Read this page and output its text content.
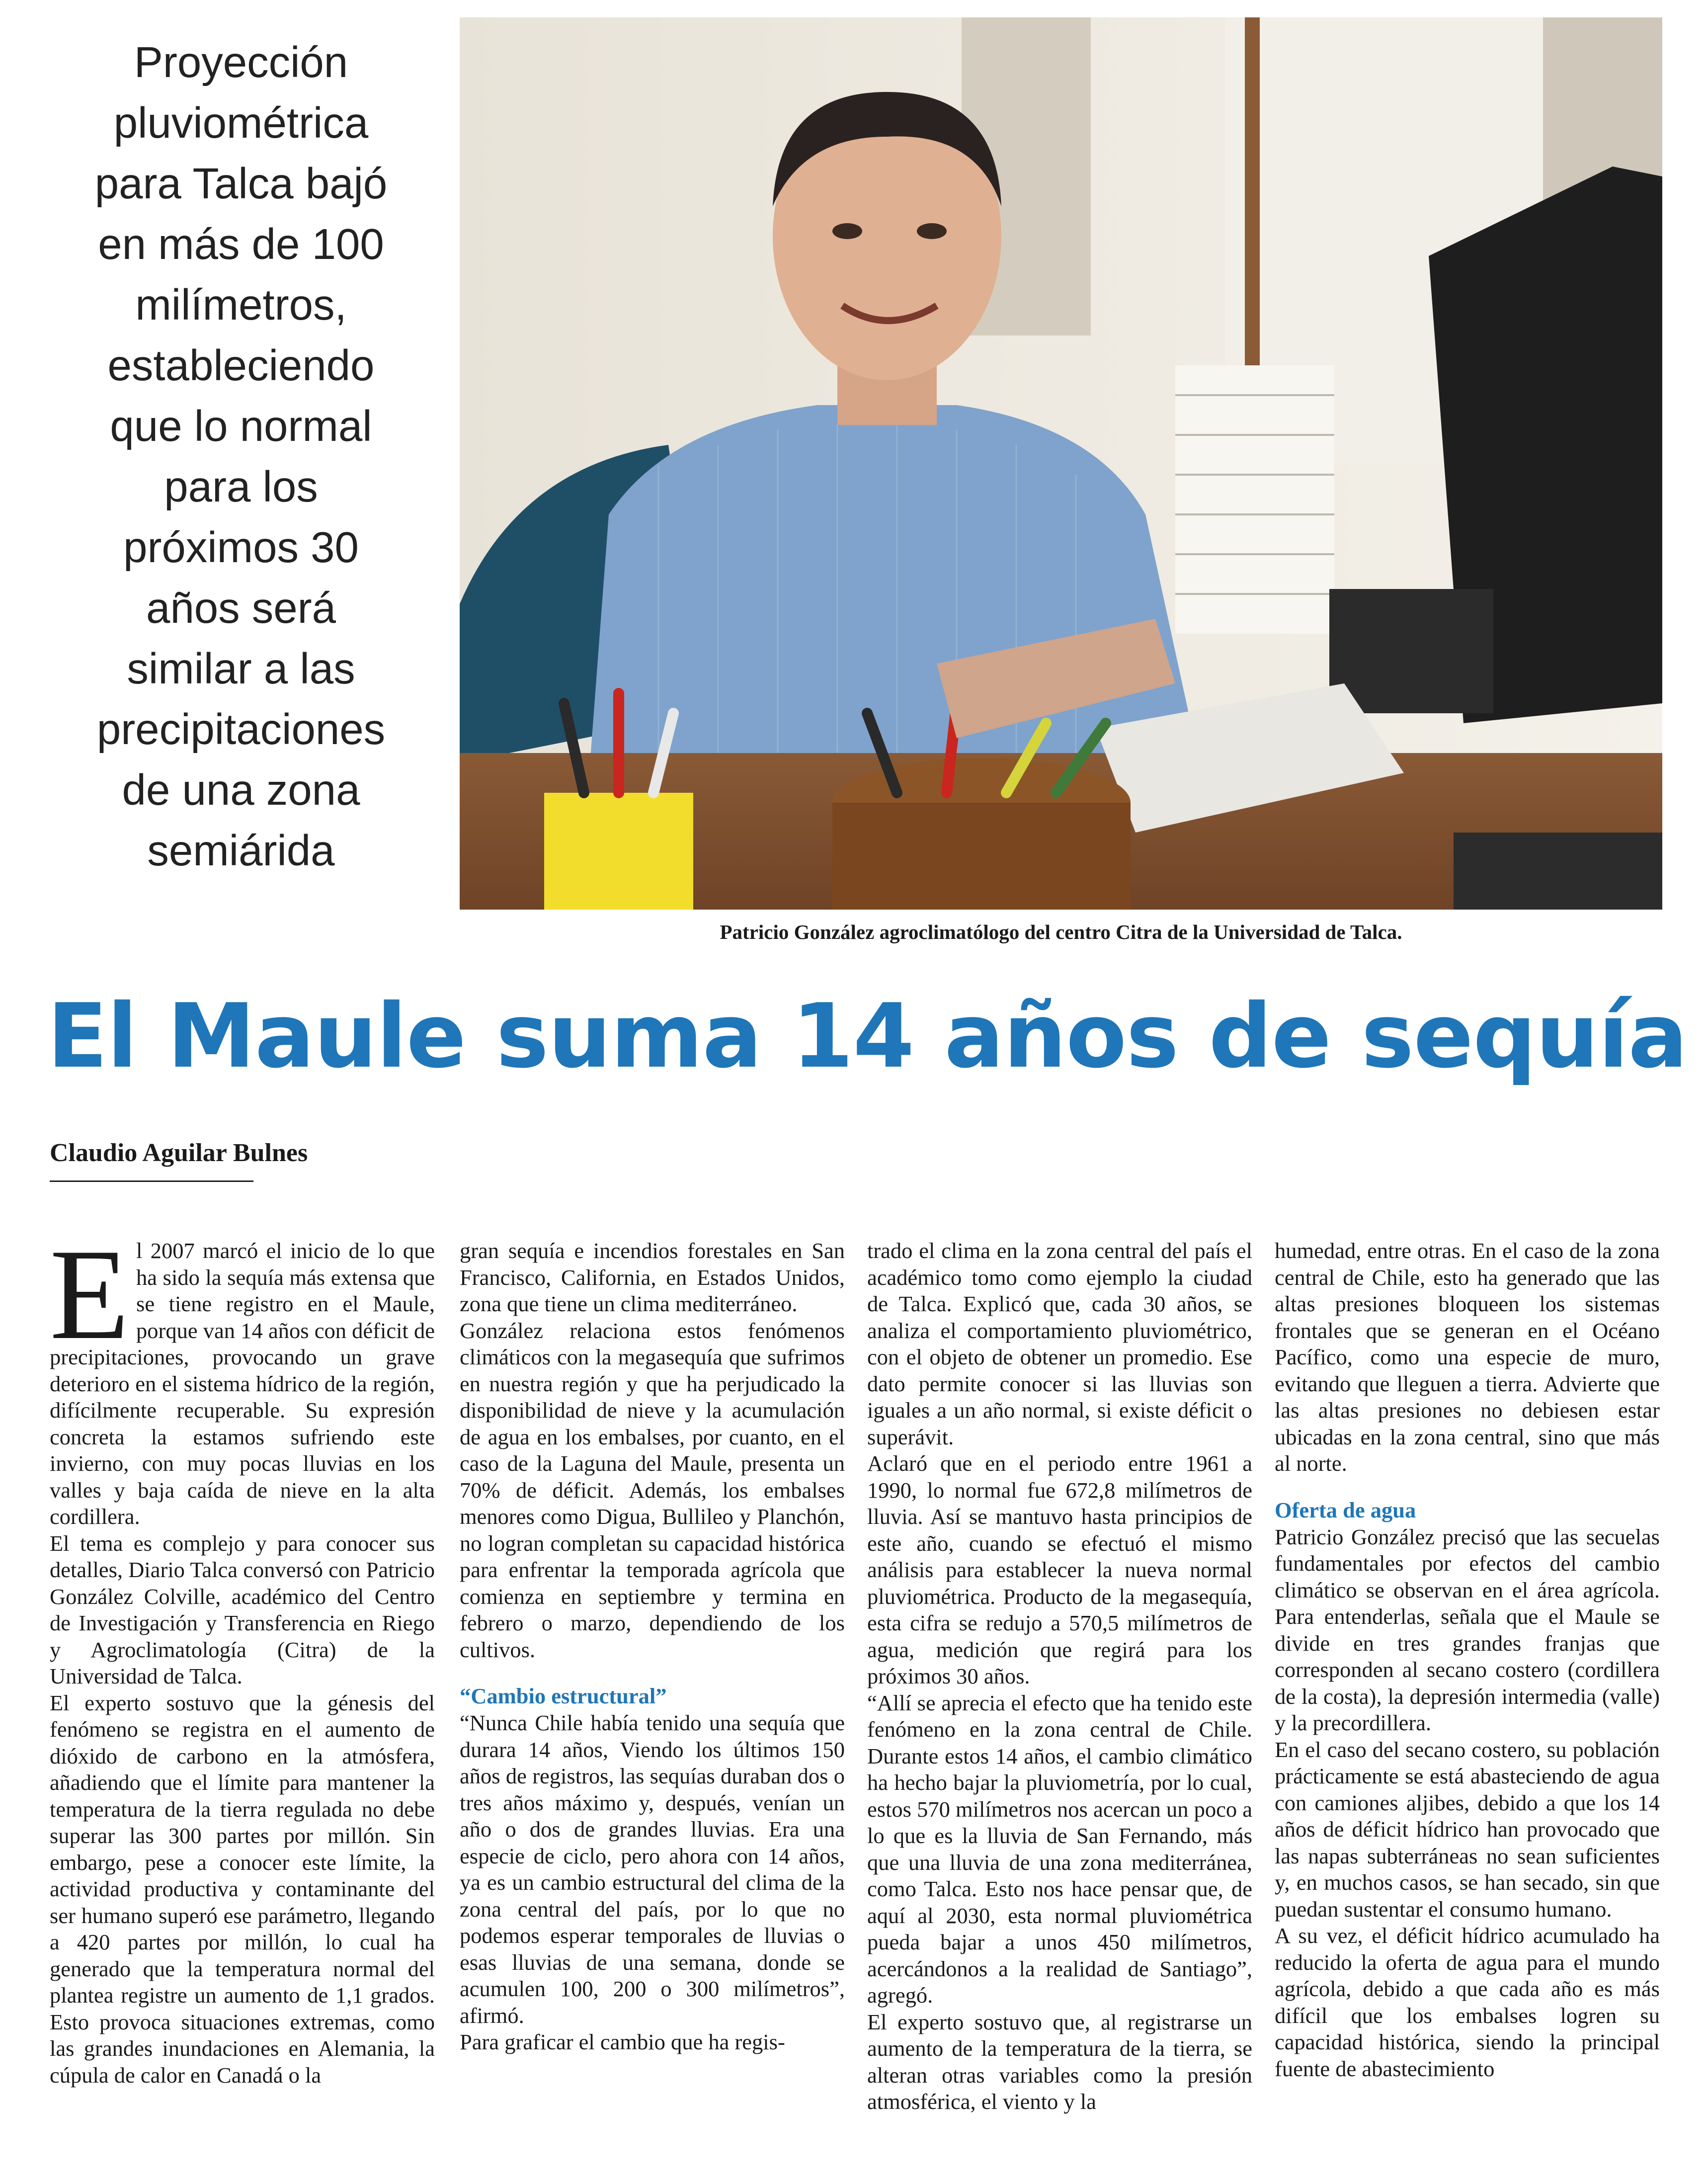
Proyección
pluviométrica
para Talca bajó
en más de 100
milímetros,
estableciendo
que lo normal
para los
próximos 30
años será
similar a las
precipitaciones
de una zona
semiárida
Patricio González agroclimatólogo del centro Citra de la Universidad de Talca.
El Maule suma 14 años de sequía
Claudio Aguilar Bulnes
E l 2007 marcó el inicio de lo que ha sido la sequía más extensa que se tiene registro en el Maule, porque van 14 años con déficit de precipitaciones, provocando un grave deterioro en el sistema hídrico de la región, difícilmente recuperable. Su expresión concreta la estamos sufriendo este invierno, con muy pocas lluvias en los valles y baja caída de nieve en la alta cordillera.

El tema es complejo y para conocer sus detalles, Diario Talca conversó con Patricio González Colville, académico del Centro de Investigación y Transferencia en Riego y Agroclimatología (Citra) de la Universidad de Talca.

El experto sostuvo que la génesis del fenómeno se registra en el aumento de dióxido de carbono en la atmósfera, añadiendo que el límite para mantener la temperatura de la tierra regulada no debe superar las 300 partes por millón. Sin embargo, pese a conocer este límite, la actividad productiva y contaminante del ser humano superó ese parámetro, llegando a 420 partes por millón, lo cual ha generado que la temperatura normal del plantea registre un aumento de 1,1 grados. Esto provoca situaciones extremas, como las grandes inundaciones en Alemania, la cúpula de calor en Canadá o la

gran sequía e incendios forestales en San Francisco, California, en Estados Unidos, zona que tiene un clima mediterráneo.

González relaciona estos fenómenos climáticos con la megasequía que sufrimos en nuestra región y que ha perjudicado la disponibilidad de nieve y la acumulación de agua en los embalses, por cuanto, en el caso de la Laguna del Maule, presenta un 70% de déficit. Además, los embalses menores como Digua, Bullileo y Planchón, no logran completan su capacidad histórica para enfrentar la temporada agrícola que comienza en septiembre y termina en febrero o marzo, dependiendo de los cultivos.

“Cambio estructural”

“Nunca Chile había tenido una sequía que durara 14 años, Viendo los últimos 150 años de registros, las sequías duraban dos o tres años máximo y, después, venían un año o dos de grandes lluvias. Era una especie de ciclo, pero ahora con 14 años, ya es un cambio estructural del clima de la zona central del país, por lo que no podemos esperar temporales de lluvias o esas lluvias de una semana, donde se acumulen 100, 200 o 300 milímetros”, afirmó.

Para graficar el cambio que ha regis-

trado el clima en la zona central del país el académico tomo como ejemplo la ciudad de Talca. Explicó que, cada 30 años, se analiza el comportamiento pluviométrico, con el objeto de obtener un promedio. Ese dato permite conocer si las lluvias son iguales a un año normal, si existe déficit o superávit.

Aclaró que en el periodo entre 1961 a 1990, lo normal fue 672,8 milímetros de lluvia. Así se mantuvo hasta principios de este año, cuando se efectuó el mismo análisis para establecer la nueva normal pluviométrica. Producto de la megasequía, esta cifra se redujo a 570,5 milímetros de agua, medición que regirá para los próximos 30 años.

“Allí se aprecia el efecto que ha tenido este fenómeno en la zona central de Chile. Durante estos 14 años, el cambio climático ha hecho bajar la pluviometría, por lo cual, estos 570 milímetros nos acercan un poco a lo que es la lluvia de San Fernando, más que una lluvia de una zona mediterránea, como Talca. Esto nos hace pensar que, de aquí al 2030, esta normal pluviométrica pueda bajar a unos 450 milímetros, acercándonos a la realidad de Santiago”, agregó.

El experto sostuvo que, al registrarse un aumento de la temperatura de la tierra, se alteran otras variables como la presión atmosférica, el viento y la

humedad, entre otras. En el caso de la zona central de Chile, esto ha generado que las altas presiones bloqueen los sistemas frontales que se generan en el Océano Pacífico, como una especie de muro, evitando que lleguen a tierra. Advierte que las altas presiones no debiesen estar ubicadas en la zona central, sino que más al norte.

Oferta de agua

Patricio González precisó que las secuelas fundamentales por efectos del cambio climático se observan en el área agrícola. Para entenderlas, señala que el Maule se divide en tres grandes franjas que corresponden al secano costero (cordillera de la costa), la depresión intermedia (valle) y la precordillera.

En el caso del secano costero, su población prácticamente se está abasteciendo de agua con camiones aljibes, debido a que los 14 años de déficit hídrico han provocado que las napas subterráneas no sean suficientes y, en muchos casos, se han secado, sin que puedan sustentar el consumo humano.

A su vez, el déficit hídrico acumulado ha reducido la oferta de agua para el mundo agrícola, debido a que cada año es más difícil que los embalses logren su capacidad histórica, siendo la principal fuente de abastecimiento
